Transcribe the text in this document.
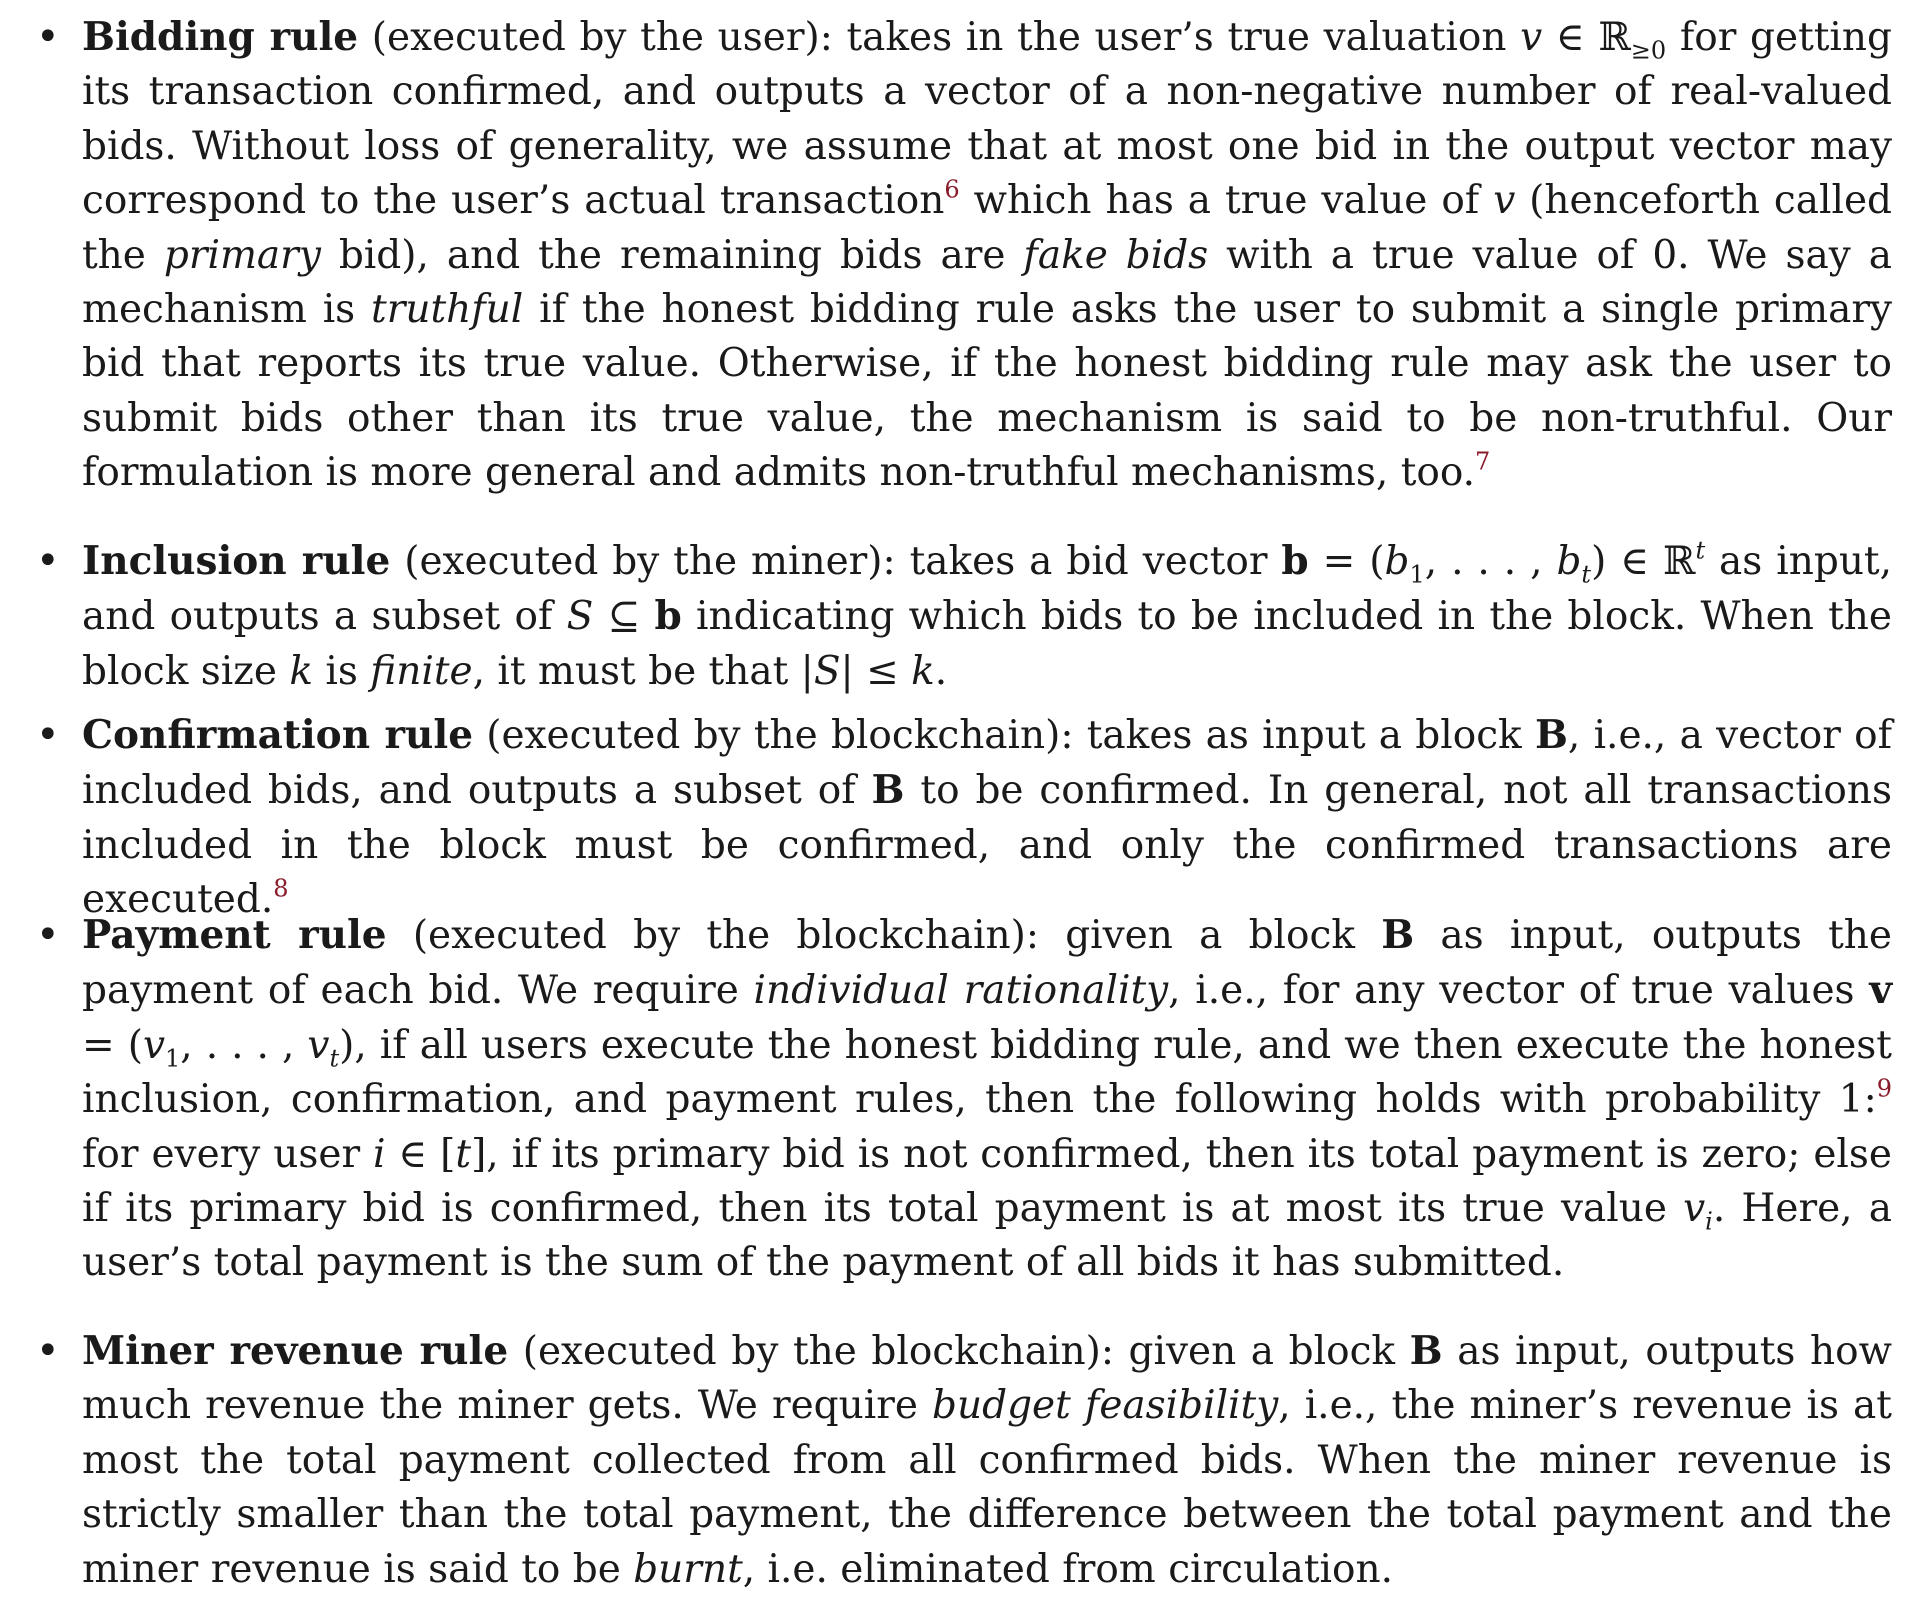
• Bidding rule (executed by the user): takes in the user’s true valuation v ∈ ℝ$_{\ge 0}$ for getting its transaction confirmed, and outputs a vector of a non-negative number of real-valued bids. Without loss of generality, we assume that at most one bid in the output vector may correspond to the user’s actual transaction$^6$ which has a true value of v (henceforth called the primary bid), and the remaining bids are fake bids with a true value of 0. We say a mechanism is truthful if the honest bidding rule asks the user to submit a single primary bid that reports its true value. Otherwise, if the honest bidding rule may ask the user to submit bids other than its true value, the mechanism is said to be non-truthful. Our formulation is more general and admits non-truthful mechanisms, too.$^7$
• Inclusion rule (executed by the miner): takes a bid vector $b = (b_1$, . . . , $b_t$) ∈ ℝ$^t$ as input, and outputs a subset of S ⊆ b indicating which bids to be included in the block. When the block size k is finite, it must be that |S| ≤ k.
• Confirmation rule (executed by the blockchain): takes as input a block B, i.e., a vector of included bids, and outputs a subset of B to be confirmed. In general, not all transactions included in the block must be confirmed, and only the confirmed transactions are executed.$^8$
• Payment rule (executed by the blockchain): given a block B as input, outputs the payment of each bid. We require individual rationality, i.e., for any vector of true values $v = (v_1$, . . . , $v_t$), if all users execute the honest bidding rule, and we then execute the honest inclusion, confirmation, and payment rules, then the following holds with probability 1:$^9$ for every user i ∈ [t], if its primary bid is not confirmed, then its total payment is zero; else if its primary bid is confirmed, then its total payment is at most its true value $v_i$. Here, a user’s total payment is the sum of the payment of all bids it has submitted.
• Miner revenue rule (executed by the blockchain): given a block B as input, outputs how much revenue the miner gets. We require budget feasibility, i.e., the miner’s revenue is at most the total payment collected from all confirmed bids. When the miner revenue is strictly smaller than the total payment, the difference between the total payment and the miner revenue is said to be burnt, i.e. eliminated from circulation.
